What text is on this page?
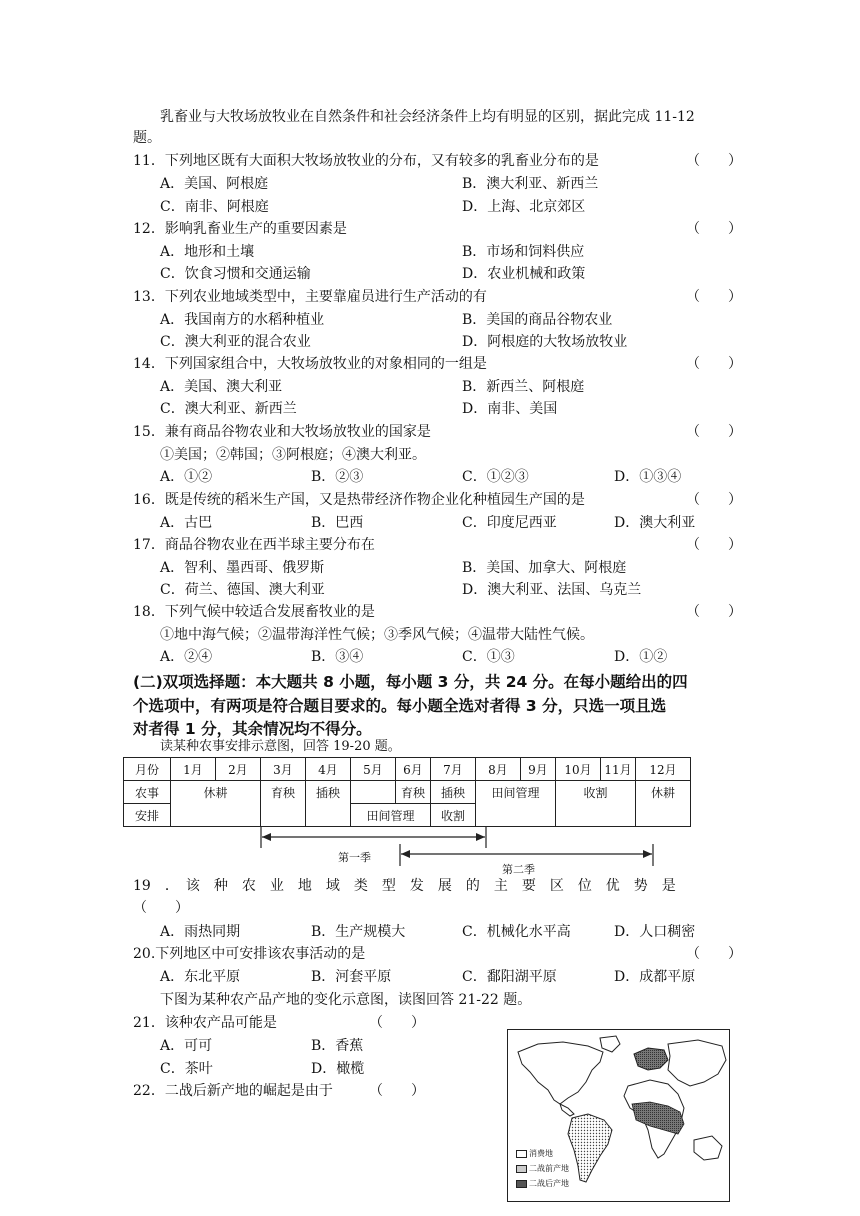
乳畜业与大牧场放牧业在自然条件和社会经济条件上均有明显的区别，据此完成 11-12
题。
11．下列地区既有大面积大牧场放牧业的分布，又有较多的乳畜业分布的是	（　　）
A．美国、阿根庭	B．澳大利亚、新西兰
C．南非、阿根庭	D．上海、北京郊区
12．影响乳畜业生产的重要因素是	（　　）
A．地形和土壤	B．市场和饲料供应
C．饮食习惯和交通运输	D．农业机械和政策
13．下列农业地域类型中，主要靠雇员进行生产活动的有	（　　）
A．我国南方的水稻种植业	B．美国的商品谷物农业
C．澳大利亚的混合农业	D．阿根庭的大牧场放牧业
14．下列国家组合中，大牧场放牧业的对象相同的一组是	（　　）
A．美国、澳大利亚	B．新西兰、阿根庭
C．澳大利亚、新西兰	D．南非、美国
15．兼有商品谷物农业和大牧场放牧业的国家是	（　　）
①美国；②韩国；③阿根庭；④澳大利亚。
A．①②	B．②③	C．①②③	D．①③④
16．既是传统的稻米生产国，又是热带经济作物企业化种植园生产国的是	（　　）
A．古巴	B．巴西	C．印度尼西亚	D．澳大利亚
17．商品谷物农业在西半球主要分布在	（　　）
A．智利、墨西哥、俄罗斯	B．美国、加拿大、阿根庭
C．荷兰、德国、澳大利亚	D．澳大利亚、法国、乌克兰
18．下列气候中较适合发展畜牧业的是	（　　）
①地中海气候；②温带海洋性气候；③季风气候；④温带大陆性气候。
A．②④	B．③④	C．①③	D．①②
(二)双项选择题：本大题共 8 小题，每小题 3 分，共 24 分。在每小题给出的四
个选项中，有两项是符合题目要求的。每小题全选对者得 3 分，只选一项且选
对者得 1 分，其余情况均不得分。
读某种农事安排示意图，回答 19-20 题。
月份	1月	2月	3月	4月	5月	6月	7月	8月	9月	10月	11月	12月
农事	休耕		育秧	插秧		育秧	插秧	田间管理		收割		休耕
安排					田间管理		收割					
第一季
第二季
19　．　该　种　农　业　地　域　类　型　发　展　的　主　要　区　位　优　势　是
（　　）
A．雨热同期	B．生产规模大	C．机械化水平高	D．人口稠密
20.下列地区中可安排该农事活动的是	（　　）
A．东北平原	B．河套平原	C．鄱阳湖平原	D．成都平原
下图为某种农产品产地的变化示意图，读图回答 21-22 题。
21．该种农产品可能是	（　　）
A．可可	B．香蕉
C．茶叶	D．橄榄
22．二战后新产地的崛起是由于	（　　）
消费地
二战前产地
二战后产地
